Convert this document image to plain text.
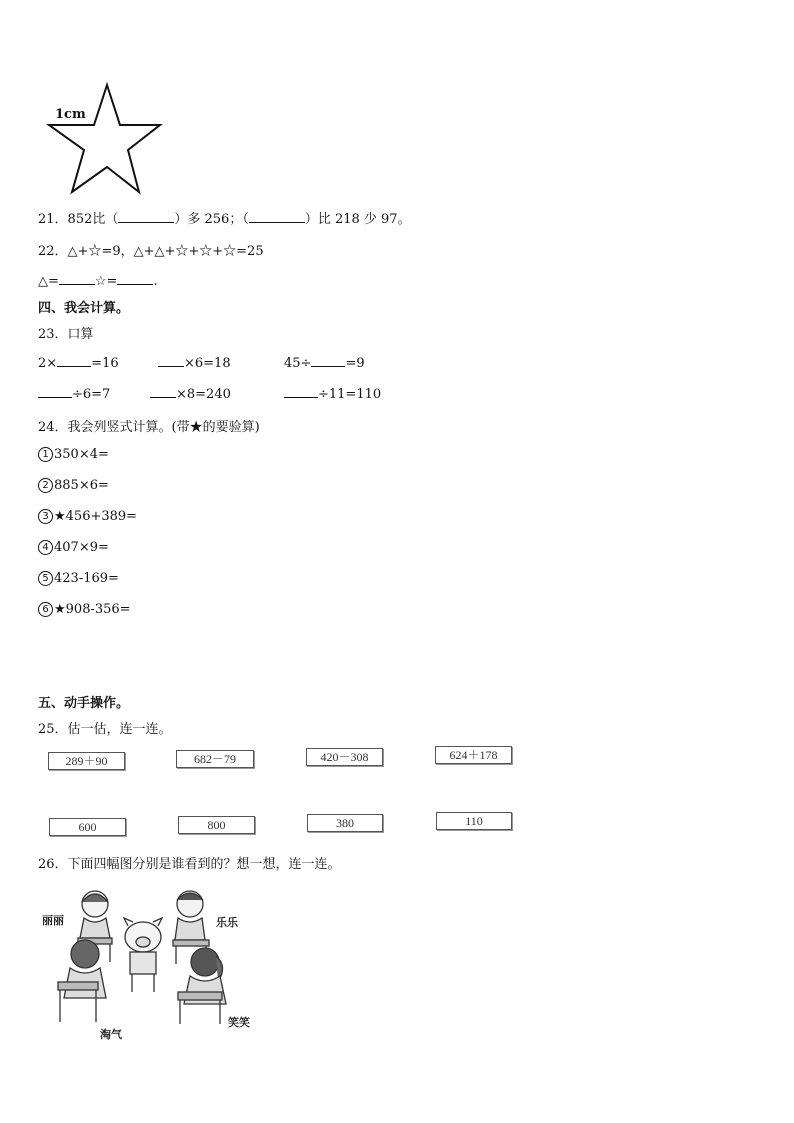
1cm
21．852比（	）多 256；（	）比 218 少 97。
22．△+☆=9，△+△+☆+☆+☆=25
△=	☆=	.
四、我会计算。
23．口算
2×	=16	×6=18	45÷	=9
÷6=7	×8=240	÷11=110
24．我会列竖式计算。(带★的要验算)
1 350×4=
2 885×6=
3 ★456+389=
4 407×9=
5 423-169=
6 ★908-356=
五、动手操作。
25．估一估，连一连。
289＋90	682－79	420－308	624＋178
600	800	380	110
26．下面四幅图分别是谁看到的？想一想，连一连。
丽丽	乐乐
淘气
笑笑
